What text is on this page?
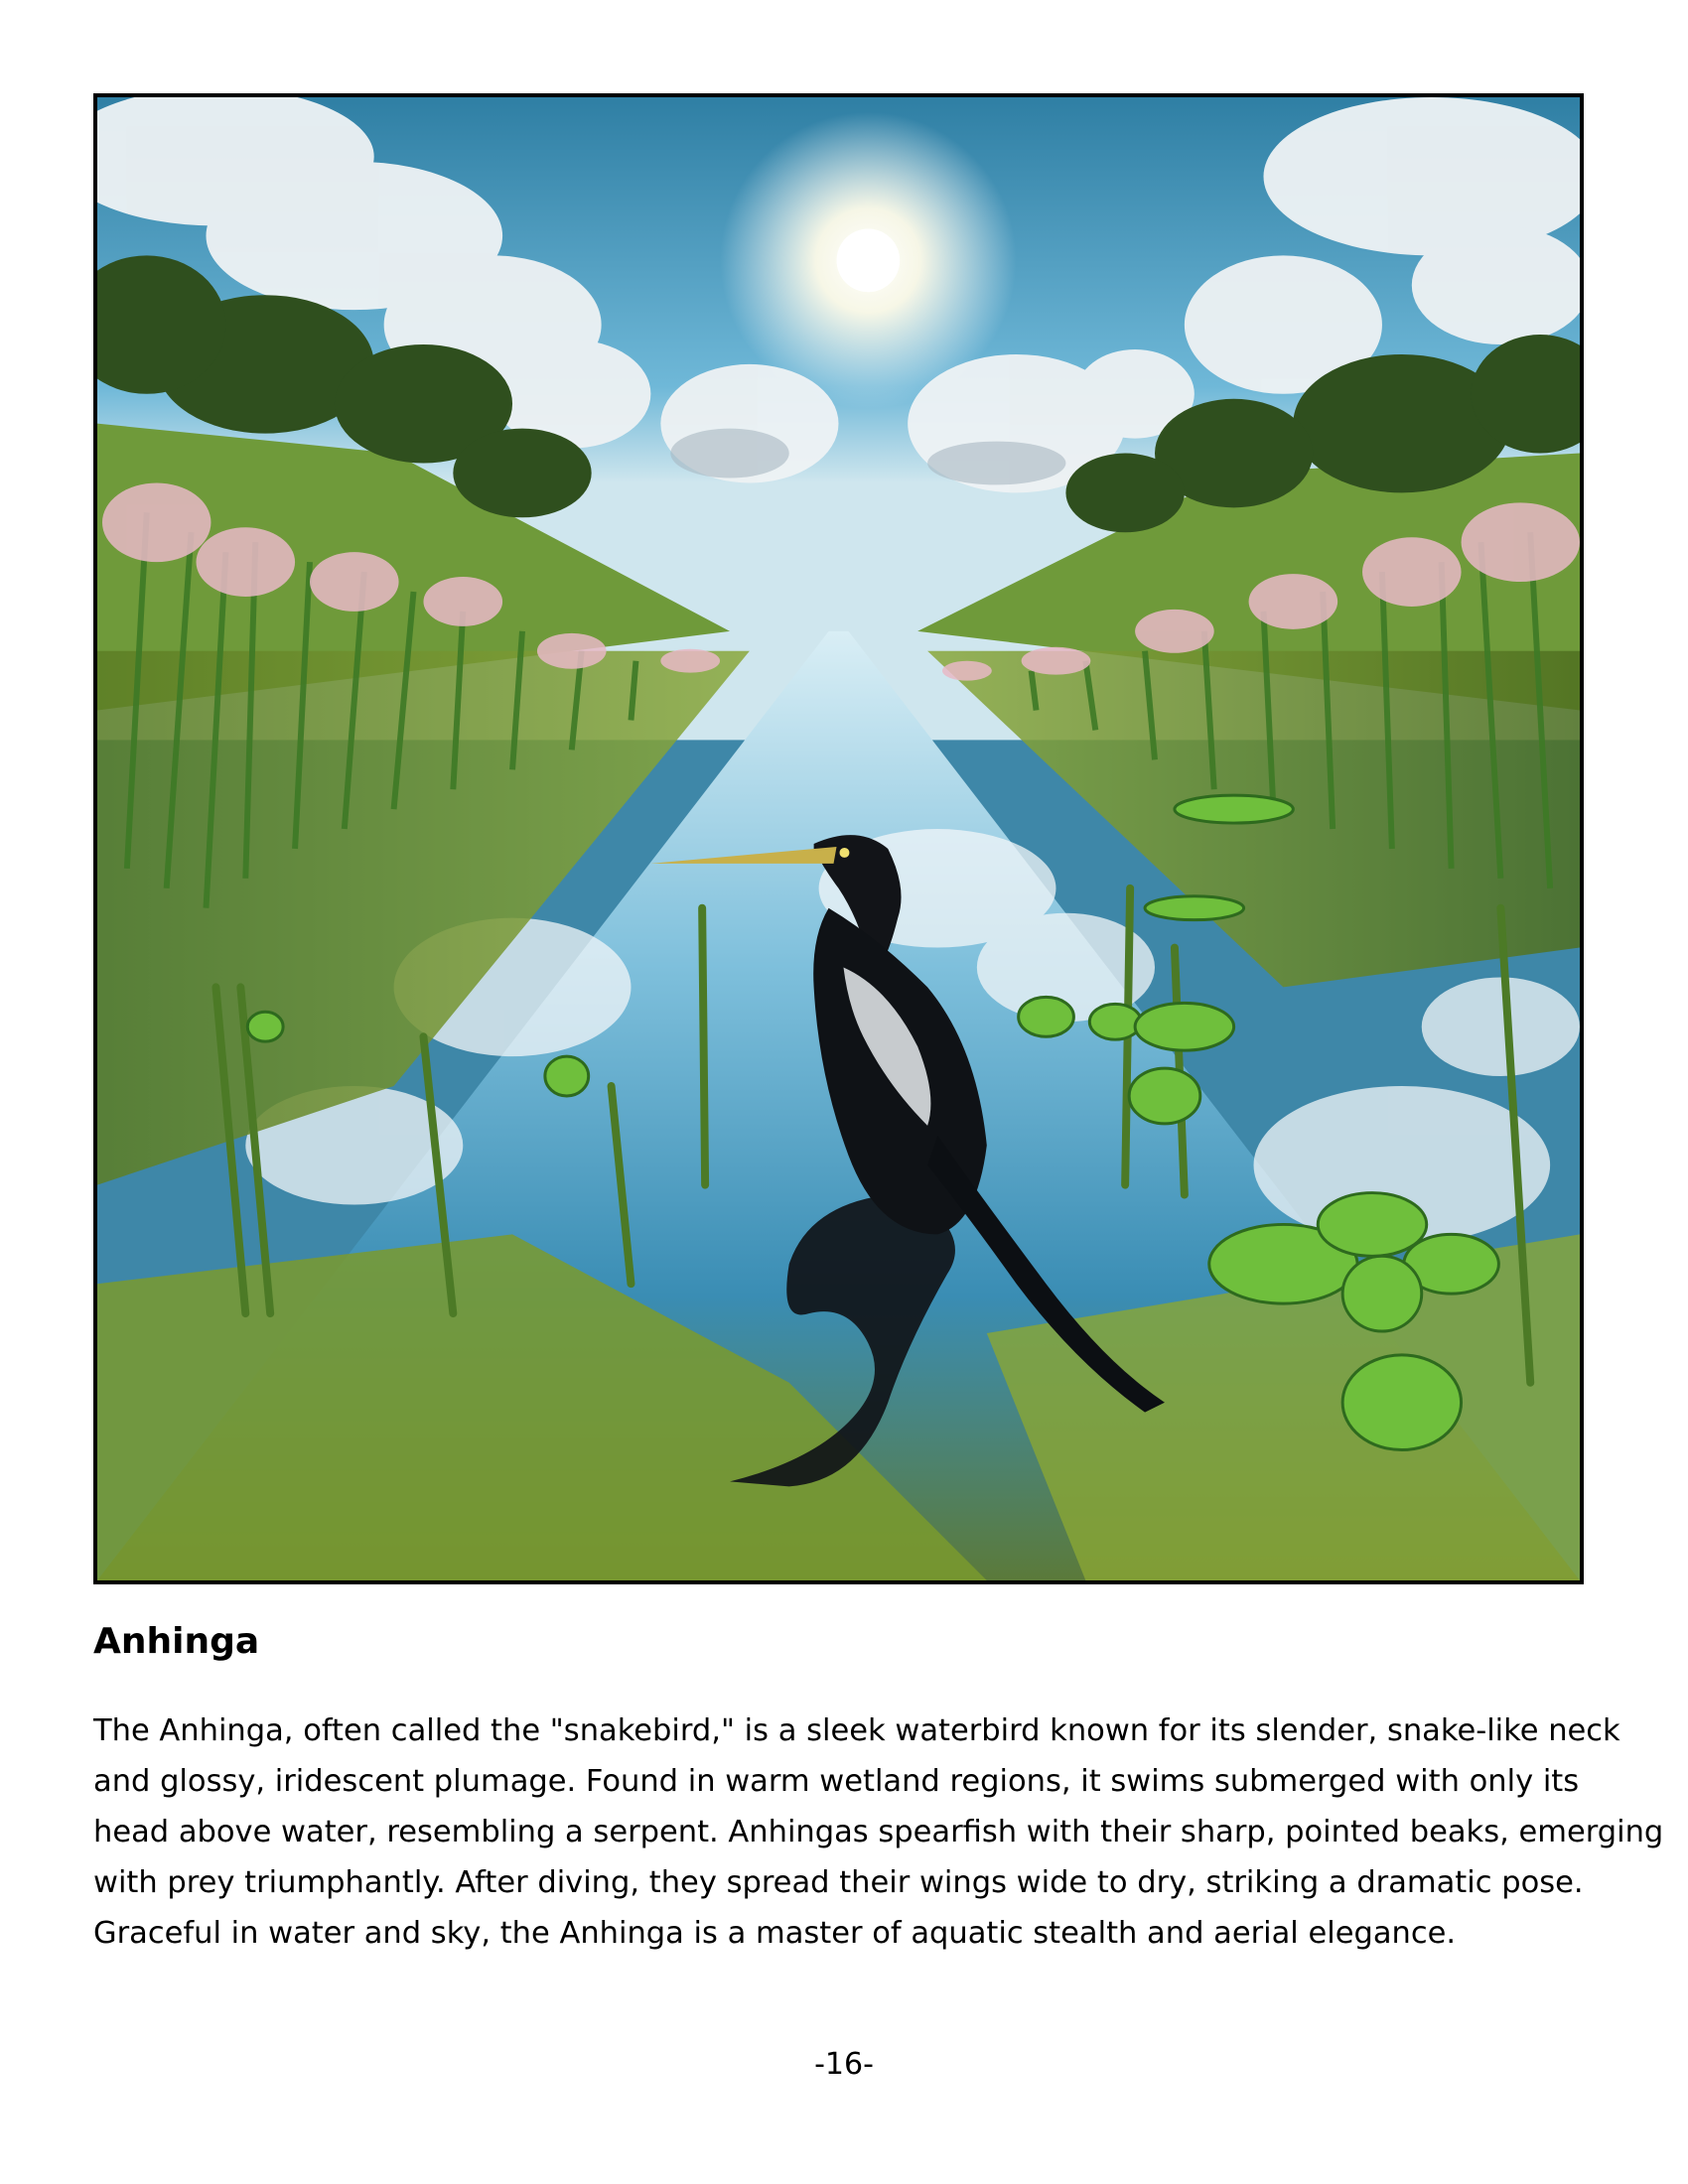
Anhinga

The Anhinga, often called the "snakebird," is a sleek waterbird known for its slender, snake-like neck
and glossy, iridescent plumage. Found in warm wetland regions, it swims submerged with only its
head above water, resembling a serpent. Anhingas spearfish with their sharp, pointed beaks, emerging
with prey triumphantly. After diving, they spread their wings wide to dry, striking a dramatic pose.
Graceful in water and sky, the Anhinga is a master of aquatic stealth and aerial elegance.

-16-
